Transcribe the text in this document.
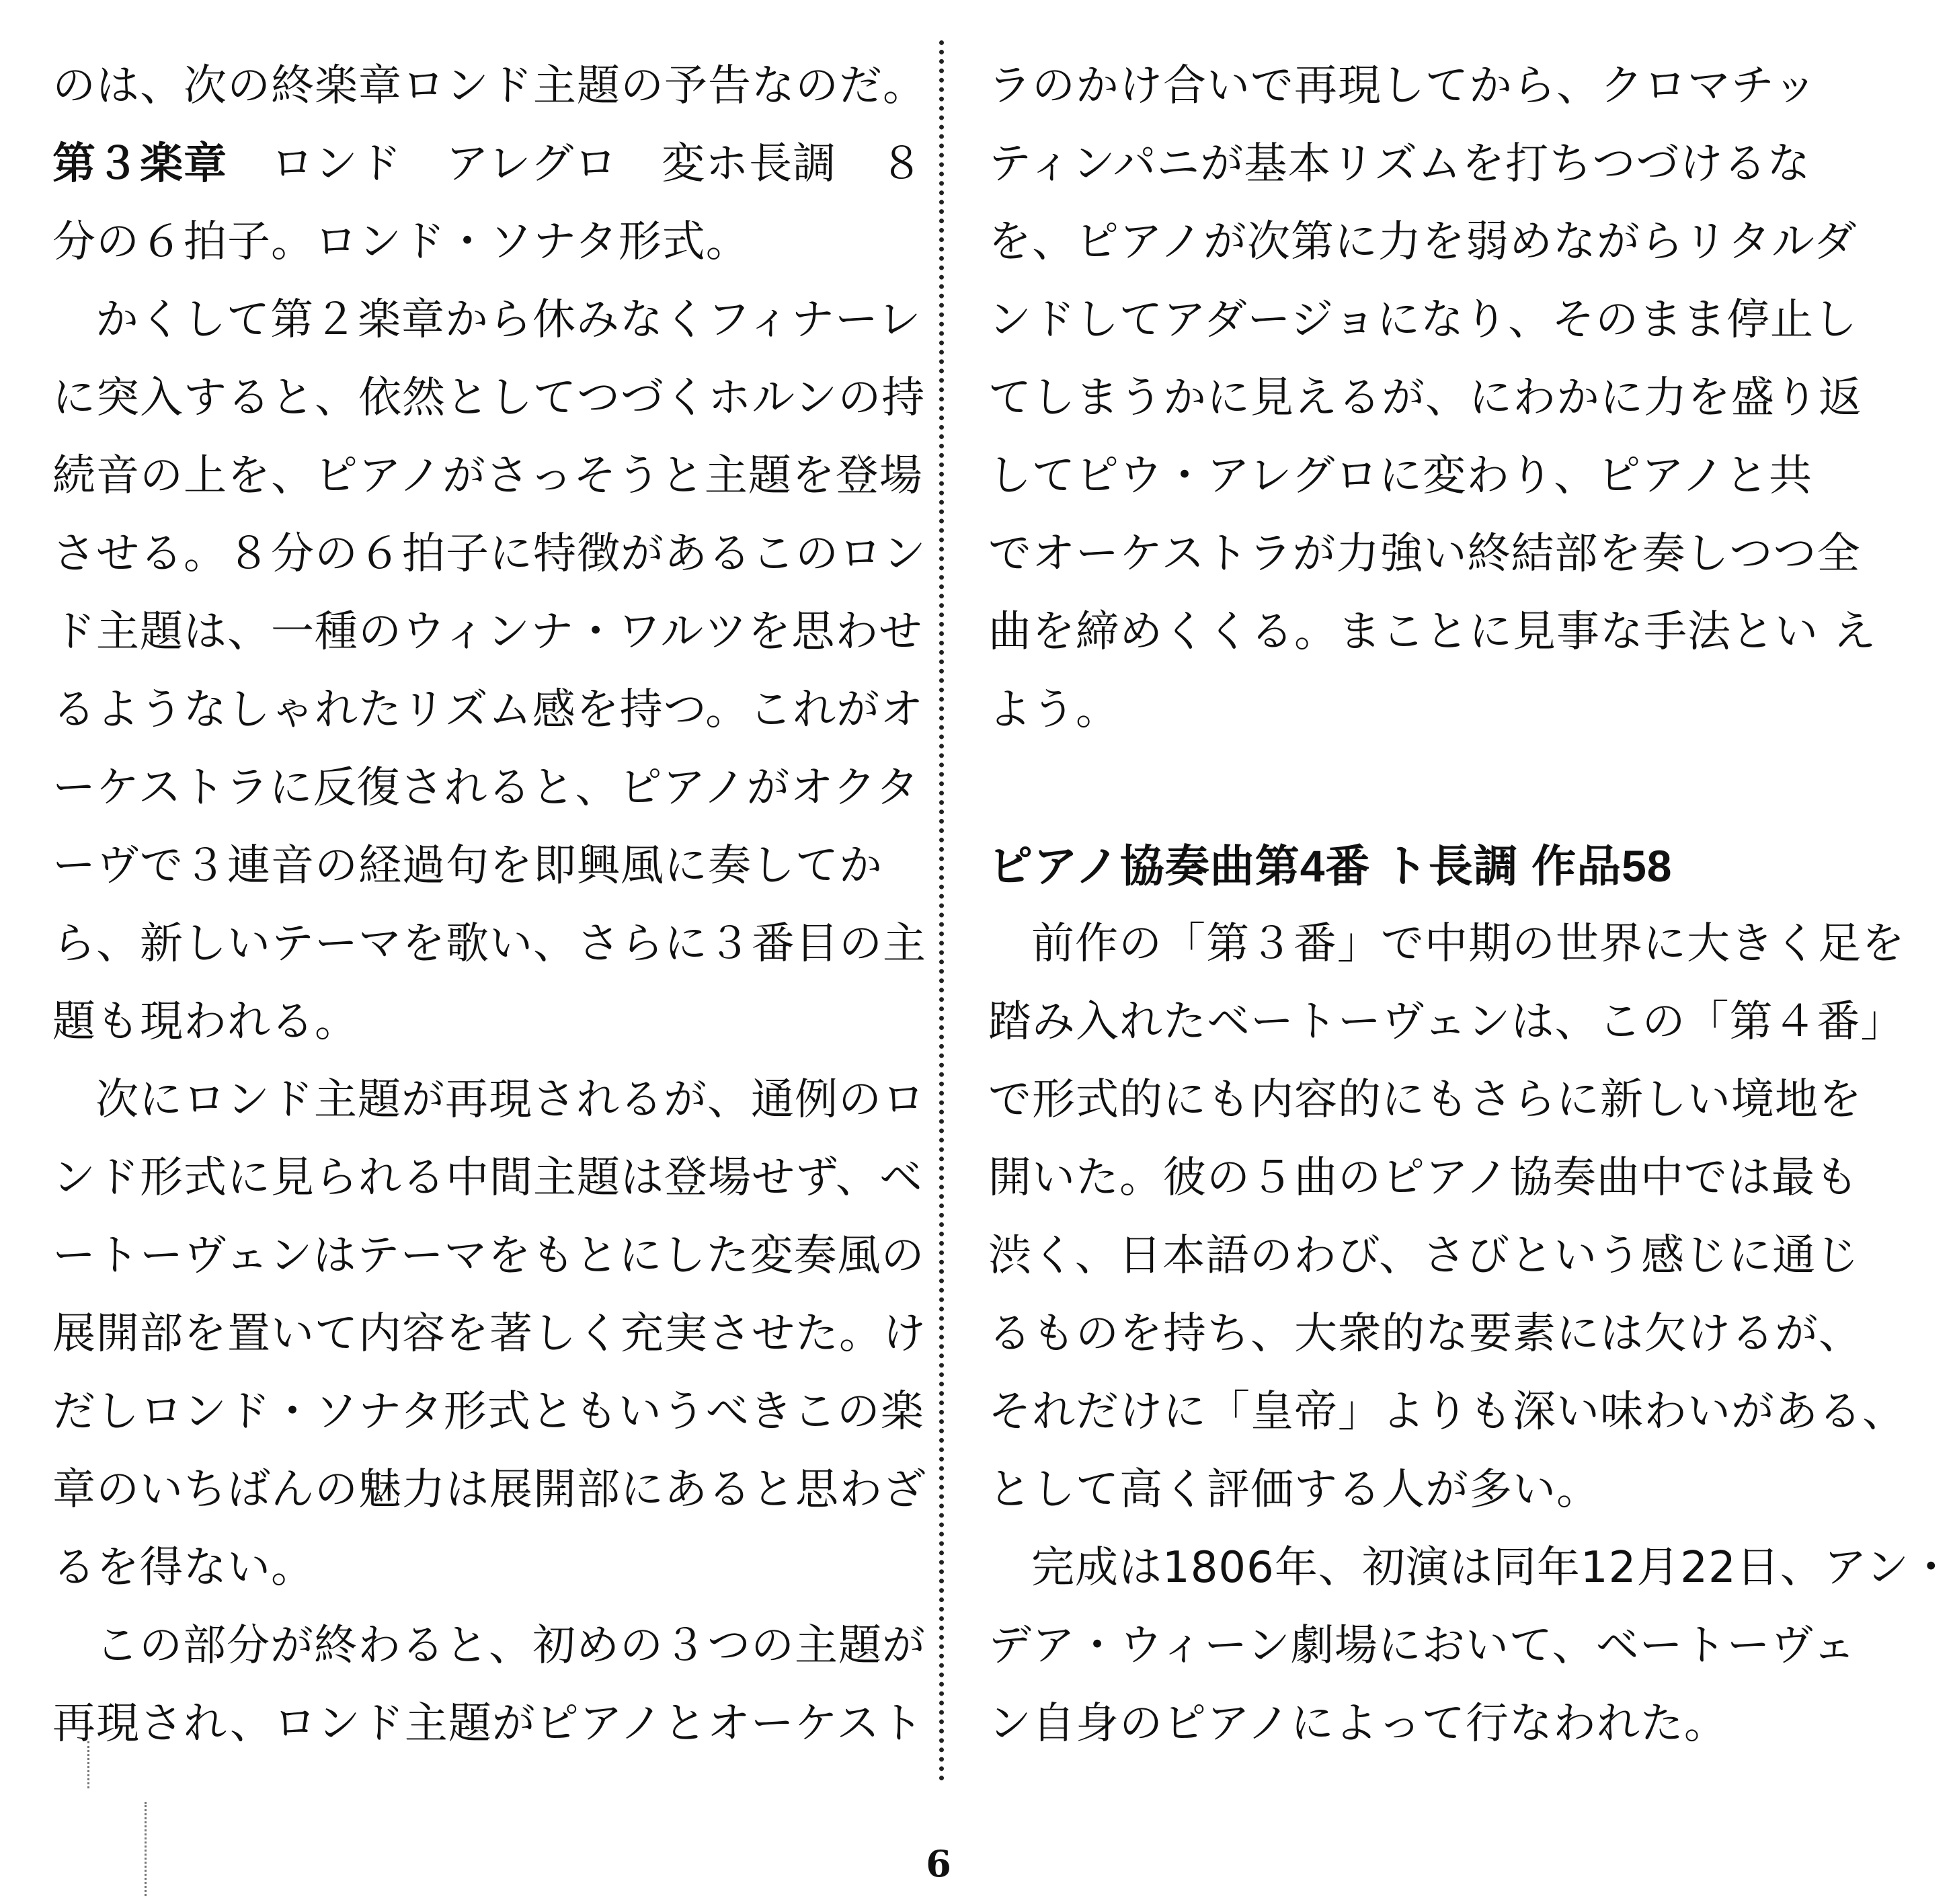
のは、次の終楽章ロンド主題の予告なのだ。
第３楽章　ロンド　アレグロ　変ホ長調　８
分の６拍子。ロンド・ソナタ形式。
かくして第２楽章から休みなくフィナーレ
に突入すると、依然としてつづくホルンの持
続音の上を、ピアノがさっそうと主題を登場
させる。８分の６拍子に特徴があるこのロン
ド主題は、一種のウィンナ・ワルツを思わせ
るようなしゃれたリズム感を持つ。これがオ
ーケストラに反復されると、ピアノがオクタ
ーヴで３連音の経過句を即興風に奏してか
ら、新しいテーマを歌い、さらに３番目の主
題も現われる。
次にロンド主題が再現されるが、通例のロ
ンド形式に見られる中間主題は登場せず、ベ
ートーヴェンはテーマをもとにした変奏風の
展開部を置いて内容を著しく充実させた。け
だしロンド・ソナタ形式ともいうべきこの楽
章のいちばんの魅力は展開部にあると思わざ
るを得ない。
この部分が終わると、初めの３つの主題が
再現され、ロンド主題がピアノとオーケスト
ラのかけ合いで再現してから、クロマチッ
ティンパニが基本リズムを打ちつづけるな
を、ピアノが次第に力を弱めながらリタルダ
ンドしてアダージョになり、そのまま停止し
てしまうかに見えるが、にわかに力を盛り返
してピウ・アレグロに変わり、ピアノと共
でオーケストラが力強い終結部を奏しつつ全
曲を締めくくる。まことに見事な手法とい え
よう。
ピアノ協奏曲第4番 ト長調 作品58
前作の「第３番」で中期の世界に大きく足を
踏み入れたベートーヴェンは、この「第４番」
で形式的にも内容的にもさらに新しい境地を
開いた。彼の５曲のピアノ協奏曲中では最も
渋く、日本語のわび、さびという感じに通じ
るものを持ち、大衆的な要素には欠けるが、
それだけに「皇帝」よりも深い味わいがある、
として高く評価する人が多い。
完成は1806年、初演は同年12月22日、アン・
デア・ウィーン劇場において、ベートーヴェ
ン自身のピアノによって行なわれた。
6
